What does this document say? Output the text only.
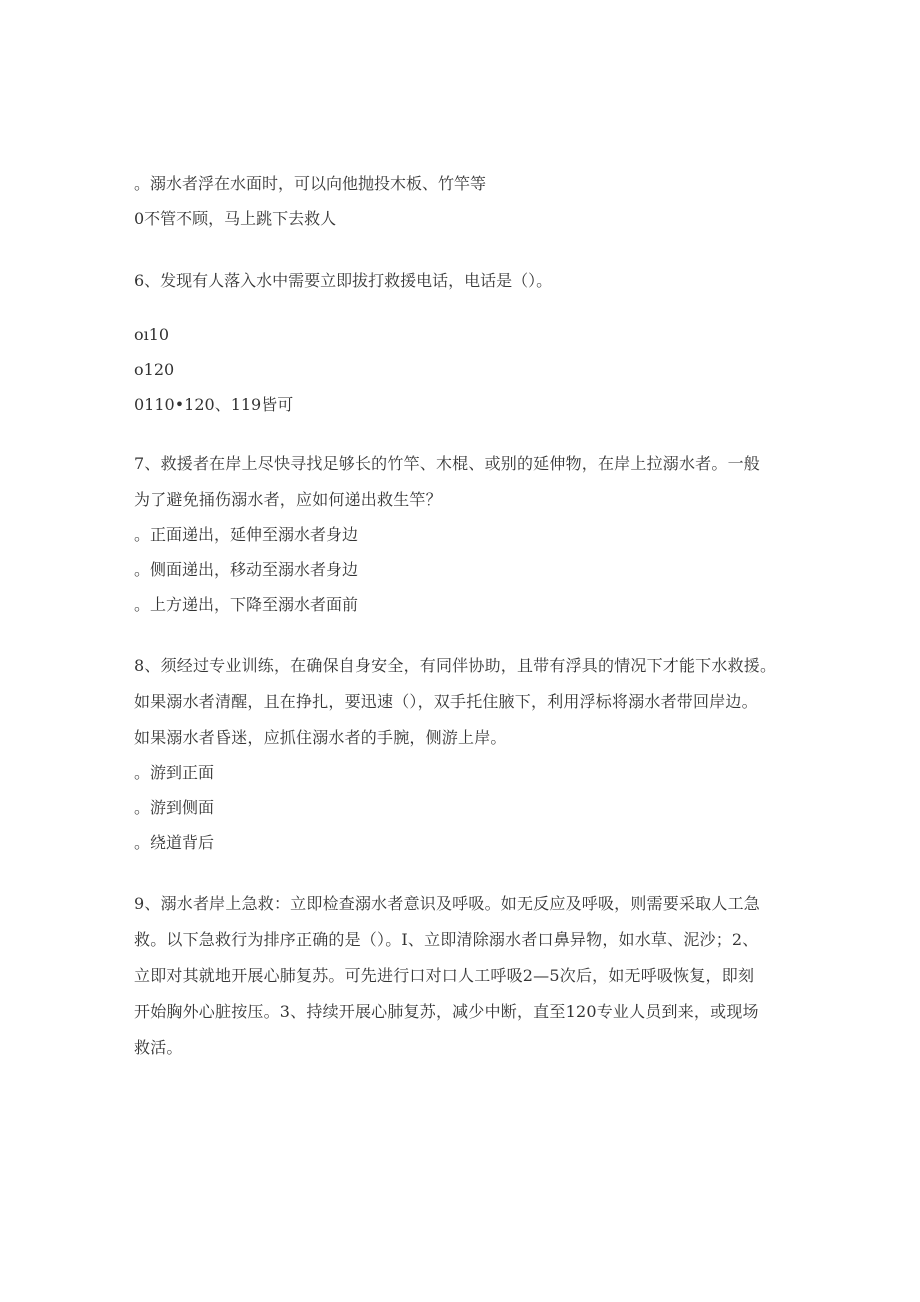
。溺水者浮在水面时，可以向他抛投木板、竹竿等

0不管不顾，马上跳下去救人

6、发现有人落入水中需要立即拔打救援电话，电话是（）。

ᴏı10

o120

0110•120、119皆可

7、救援者在岸上尽快寻找足够长的竹竿、木棍、或别的延伸物，在岸上拉溺水者。一般

为了避免捅伤溺水者，应如何递出救生竿？

。正面递出，延伸至溺水者身边

。侧面递出，移动至溺水者身边

。上方递出，下降至溺水者面前

8、须经过专业训练，在确保自身安全，有同伴协助，且带有浮具的情况下才能下水救援。

如果溺水者清醒，且在挣扎，要迅速（），双手托住腋下，利用浮标将溺水者带回岸边。

如果溺水者昏迷，应抓住溺水者的手腕，侧游上岸。

。游到正面

。游到侧面

。绕道背后

9、溺水者岸上急救：立即检查溺水者意识及呼吸。如无反应及呼吸，则需要采取人工急

救。以下急救行为排序正确的是（）。I、立即清除溺水者口鼻异物，如水草、泥沙；2、

立即对其就地开展心肺复苏。可先进行口对口人工呼吸2—5次后，如无呼吸恢复，即刻

开始胸外心脏按压。3、持续开展心肺复苏，减少中断，直至120专业人员到来，或现场

救活。
